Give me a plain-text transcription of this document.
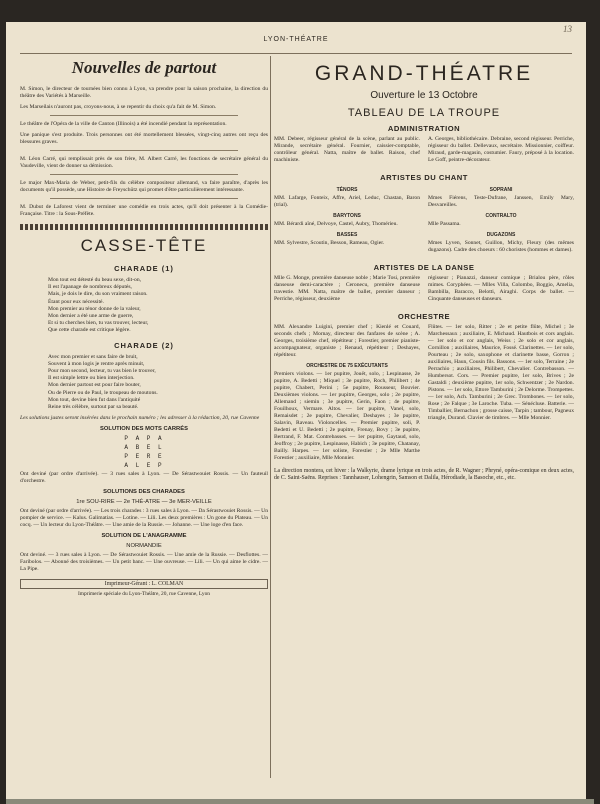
13
LYON-THÉATRE
Nouvelles de partout

M. Simon, le directeur de tournées bien connu à Lyon, va prendre pour la saison prochaine, la direction du théâtre des Variétés à Marseille.

Les Marseilais n'auront pas, croyons-nous, à se repentir du choix qu'a fait de M. Simon.

Le théâtre de l'Opéra de la ville de Canton (Illinois) a été incendié pendant la représentation.

Une panique s'est produite. Trois personnes ont été mortellement blessées, vingt-cinq autres ont reçu des blessures graves.

M. Léon Carré, qui remplissait près de son frère, M. Albert Carré, les fonctions de secrétaire général du Vaudeville, vient de donner sa démission.

Le major Max-Maria de Weber, petit-fils du célèbre compositeur allemand, va faire paraître, d'après les documents qu'il possède, une Histoire de Freyschütz qui promet d'être particulièrement intéressante.

M. Dubut de Laforest vient de terminer une comédie en trois actes, qu'il doit présenter à la Comédie-Française. Titre : la Sous-Préfète.

CASSE-TÊTE
CHARADE (1)
Mon tout est détesté du beau sexe, dit-on,
Il est l'apanage de nombreux députés,
Mais, je dois le dire, du son vraiment raison.
Étant pour eux nécessité.
Mon premier au ténor donne de la valeur,
Mon dernier a été une arme de guerre,
Et si tu cherches bien, tu vas trouver, lecteur,
Que cette charade est critique légère.
CHARADE (2)
Avec mon premier et sans faire de bruit,
Souvent à mon logis je rentre après minuit,
Pour mon second, lecteur, tu vas bien le trouver,
Il est simple lettre ou bien interjection.
Mon dernier partout est pour faire bouter,
Ou de Pierre ou de Paul, le troupeau de moutons.
Mon tout, devine bien fut dans l'antiquité
Reine très célèbre, surtout par sa beauté.

Les solutions justes seront insérées dans le prochain numéro ; les adresser à la rédaction, 20, rue Cavenne

SOLUTION DES MOTS CARRÉS
P A P A
A B E L
P E R E
A L E P

Ont deviné (par ordre d'arrivée). — 3 rues sales à Lyon. — De Sérastwouiet Rossis. — Un fauteuil d'orchestre.

SOLUTIONS DES CHARADES
1re SOU-RIRE — 2e THÉ-ATRE — 3e MER-VEILLE

Ont deviné (par ordre d'arrivée). — Les trois charades : 3 rues sales à Lyon. — Da Sérastwouiet Rossis. — Un pompier de service. — Kalus. Galimatias. — Lotine. — Lili. Les deux premières : Un gone du Plateau. — Un cocq. — Un lecteur du Lyon-Théâtre. — Une amie de la Russie. — Johanne. — Une loge d'en face.

SOLUTION DE L'ANAGRAMME
NORMANDIE

Ont deviné. — 3 rues sales à Lyon. — De Sérastwouiet Rossis. — Une amie de la Russie. — Desflottes. — Faribolos. — Abonné des troisièmes. — Un petit banc. — Une ouvreuse. — Lili. — Un qui aime le cidre. — La Pipe.

Imprimeur-Gérant : L. COLMAN
Imprimerie spéciale du Lyon-Théâtre, 20, rue Cavenne, Lyon
GRAND-THÉATRE
Ouverture le 13 Octobre
TABLEAU DE LA TROUPE
ADMINISTRATION

MM. Debeer, régisseur général de la scène, parlant au public. Mirande, secrétaire général. Fournier, caissier-comptable, contrôleur général. Natta, maître de ballet. Raison, chef machiniste.

A. Georges, bibliothécaire. Debraine, second régisseur. Perriche, régisseur du ballet. Dellevaux, secrétaire. Missionnier, coiffeur. Miraud, garde-magasin, costumier. Faury, préposé à la location. Le Goff, peintre-décorateur.

ARTISTES DU CHANT
TÉNORS

MM. Lafarge, Fonteix, Affre, Ariel, Leduc, Chastan, Baron (trial).

BARYTONS

MM. Bérardi aîné, Delvoye, Castel, Aubry, Thomérieu.

BASSES

MM. Sylvestre, Scoutin, Besson, Rameau, Ogier.

SOPRANI

Mmes Fiérens, Teste-Dufrane, Janssen, Emily Mary, Desvareilles.

CONTRALTO

Mlle Passama.

DUGAZONS

Mmes Lyven, Sonnet, Guillon, Michy, Fleury (des mêmes dugazons). Cadre des choeurs : 60 choristes (hommes et dames).

ARTISTES DE LA DANSE

Mlle G. Monge, première danseuse noble ; Marie Tosi, première danseuse demi-caractère ; Ceronecu, première danseuse travestie. MM. Natta, maître de ballet, premier danseur ; Perriche, régisseur, deuxième

régisseur ; Pianazzi, danseur comique ; Brialou père, rôles mimes. Coryphées. — Mlles Villa, Colombo, Boggio, Amelia, Bambilla, Baracco, Belotti, Airaghi. Corps de ballet. — Cinquante danseuses et danseurs.

ORCHESTRE

MM. Alexandre Luigini, premier chef ; Kienlé et Couard, seconds chefs ; Mornay, directeur des fanfares de scène ; A. Georges, troisième chef, répétiteur ; Forestier, premier pianiste-accompagnateur, organiste ; Renaud, répétiteur ; Deshayes, répétiteur.

ORCHESTRE DE 75 EXÉCUTANTS

Premiers violons. — 1er pupitre, Jouët, solo, ; Lespinasse, 2e pupitre, A. Bedetti ; Miquel ; 3e pupitre, Roch, Philibert ; 4e pupitre, Chabert, Perini ; 5e pupitre, Rousseur, Bouvier. Deuxièmes violons. — 1er pupitre, Georges, solo ; 2e pupitre, Allemand ; siemin ; 3e pupitre, Gerin, Faon ; 4e pupitre, Fouilhoux, Vermare. Altos. — 1er pupitre, Vanel, solo, Remaisdet ; 2e pupitre, Chevalier, Deshayes ; 3e pupitre, Salavin, Raveau. Violoncelles. — Premier pupitre, soli, P. Bedetti et U. Bedetti ; 2e pupitre, Frenay, Bovy ; 3e pupitre, Bertrand, F. Mat. Contrebasses. — 1er pupitre, Gaytaud, solo, Jeoffroy ; 2e pupitre, Lespinasse, Habich ; 3e pupitre, Chatanay, Bailly. Harpes. — 1er soliste, Forestier ; 2e Mlle Marthe Forestier ; auxiliaire, Mlle Monnier.

Flûtes. — 1er solo, Ritter ; 2e et petite flûte, Michel ; 3e Marchessaux ; auxiliaire, E. Michaud. Hautbois et cors anglais. — 1er solo et cor anglais, Weiss ; 2e solo et cor anglais, Cornillon ; auxiliaires, Maurice, Fossé. Clarinettes. — 1er solo, Pourteau ; 2e solo, saxophone et clarinette basse, Gorron ; auxiliaires, Haun, Cousin fils. Bassons. — 1er solo, Terraine ; 2e Perrachio ; auxiliaires, Philibert, Chevalier. Contrebasson. — Humbersot. Cors. — Premier pupitre, 1er solo, Brives ; 2e Gastaldi ; deuxième pupitre, 1er solo, Schwentzer ; 2e Nardon. Pistons. — 1er solo, Ettore Tamburini ; 2e Delorme. Trompettes. — 1er solo, Ach. Tamburini ; 2e Grec. Trombones. — 1er solo, Rose ; 2e Falque ; 3e Laroche. Tuba. — Sénécluse. Batterie. — Timballier, Bernachon ; grosse caisse, Tarpin ; tambour, Pagneux triangle, Durand. Clavier de timbres. — Mlle Monnier.

La direction montera, cet hiver : la Walkyrie, drame lyrique en trois actes, de R. Wagner ; Phryné, opéra-comique en deux actes, de C. Saint-Saëns. Reprises : Tannhauser, Lohengrin, Samson et Dalila, Hérodiade, la Basoche, etc., etc.
